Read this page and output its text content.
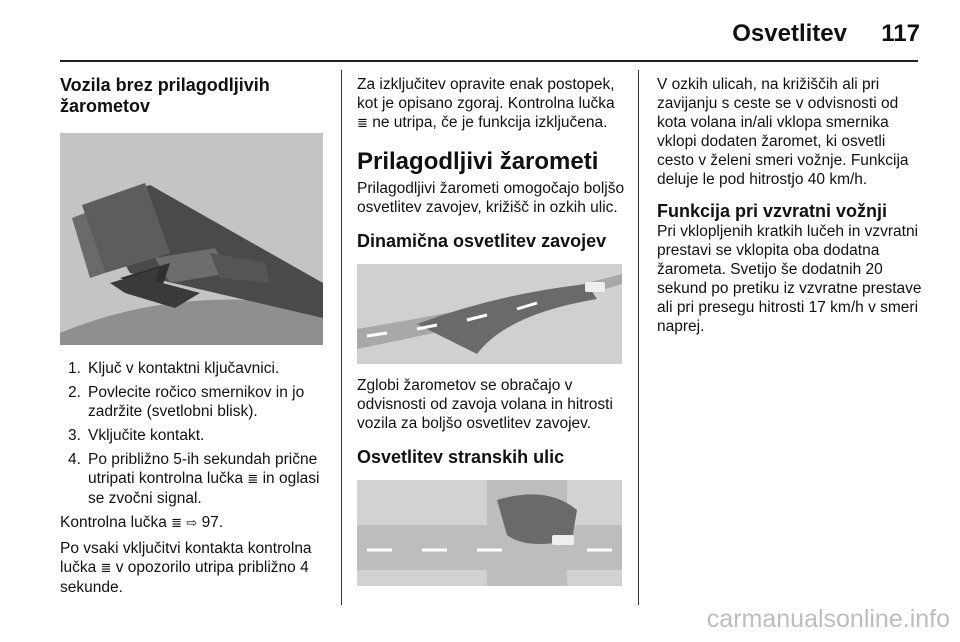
Osvetlitev 117

Vozila brez prilagodljivih žarometov

1. Ključ v kontaktni ključavnici.
2. Povlecite ročico smernikov in jo zadržite (svetlobni blisk).
3. Vključite kontakt.
4. Po približno 5-ih sekundah prične utripati kontrolna lučka ≣ in oglasi se zvočni signal.

Kontrolna lučka ≣ ⇨ 97.

Po vsaki vključitvi kontakta kontrolna lučka ≣ v opozorilo utripa približno 4 sekunde.

Za izključitev opravite enak postopek, kot je opisano zgoraj. Kontrolna lučka ≣ ne utripa, če je funkcija izključena.

Prilagodljivi žarometi

Prilagodljivi žarometi omogočajo boljšo osvetlitev zavojev, križišč in ozkih ulic.

Dinamična osvetlitev zavojev

Zglobi žarometov se obračajo v odvisnosti od zavoja volana in hitrosti vozila za boljšo osvetlitev zavojev.

Osvetlitev stranskih ulic

V ozkih ulicah, na križiščih ali pri zavijanju s ceste se v odvisnosti od kota volana in/ali vklopa smernika vklopi dodaten žaromet, ki osvetli cesto v želeni smeri vožnje. Funkcija deluje le pod hitrostjo 40 km/h.

Funkcija pri vzvratni vožnji

Pri vklopljenih kratkih lučeh in vzvratni prestavi se vklopita oba dodatna žarometa. Svetijo še dodatnih 20 sekund po pretiku iz vzvratne prestave ali pri presegu hitrosti 17 km/h v smeri naprej.

carmanualsonline.info
